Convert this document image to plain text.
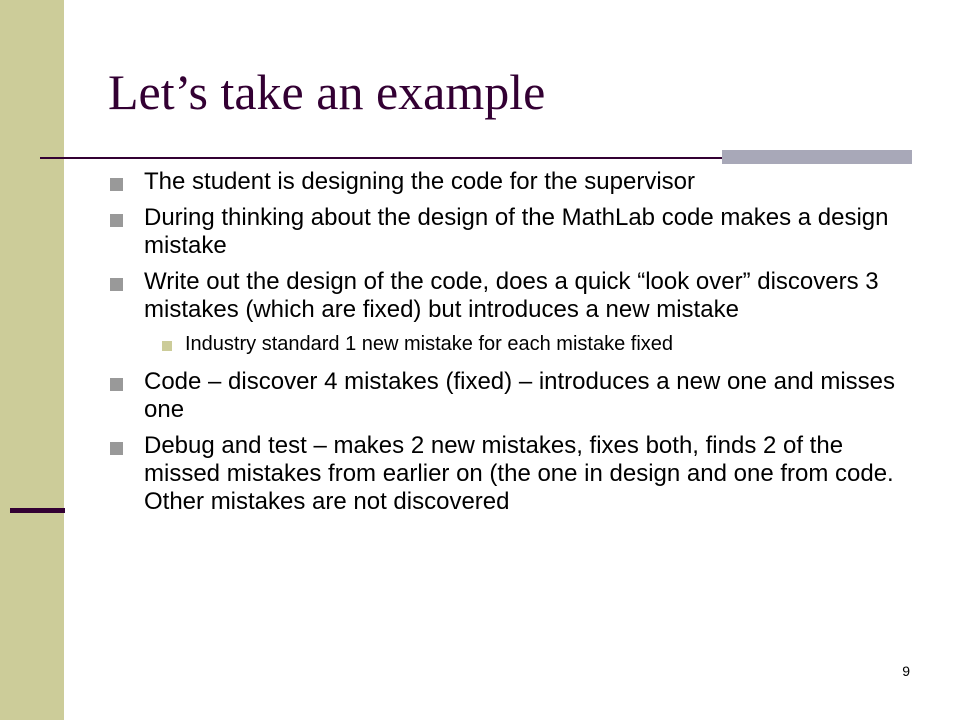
Let’s take an example
The student is designing the code for the supervisor
During thinking about the design of the MathLab code makes a design mistake
Write out the design of the code, does a quick “look over” discovers 3 mistakes (which are fixed) but introduces a new mistake
Industry standard 1 new mistake for each mistake fixed
Code – discover 4 mistakes (fixed) – introduces a new one and misses one
Debug and test – makes 2 new mistakes, fixes both, finds 2 of the missed mistakes from earlier on (the one in design and one from code. Other mistakes are not discovered
9
